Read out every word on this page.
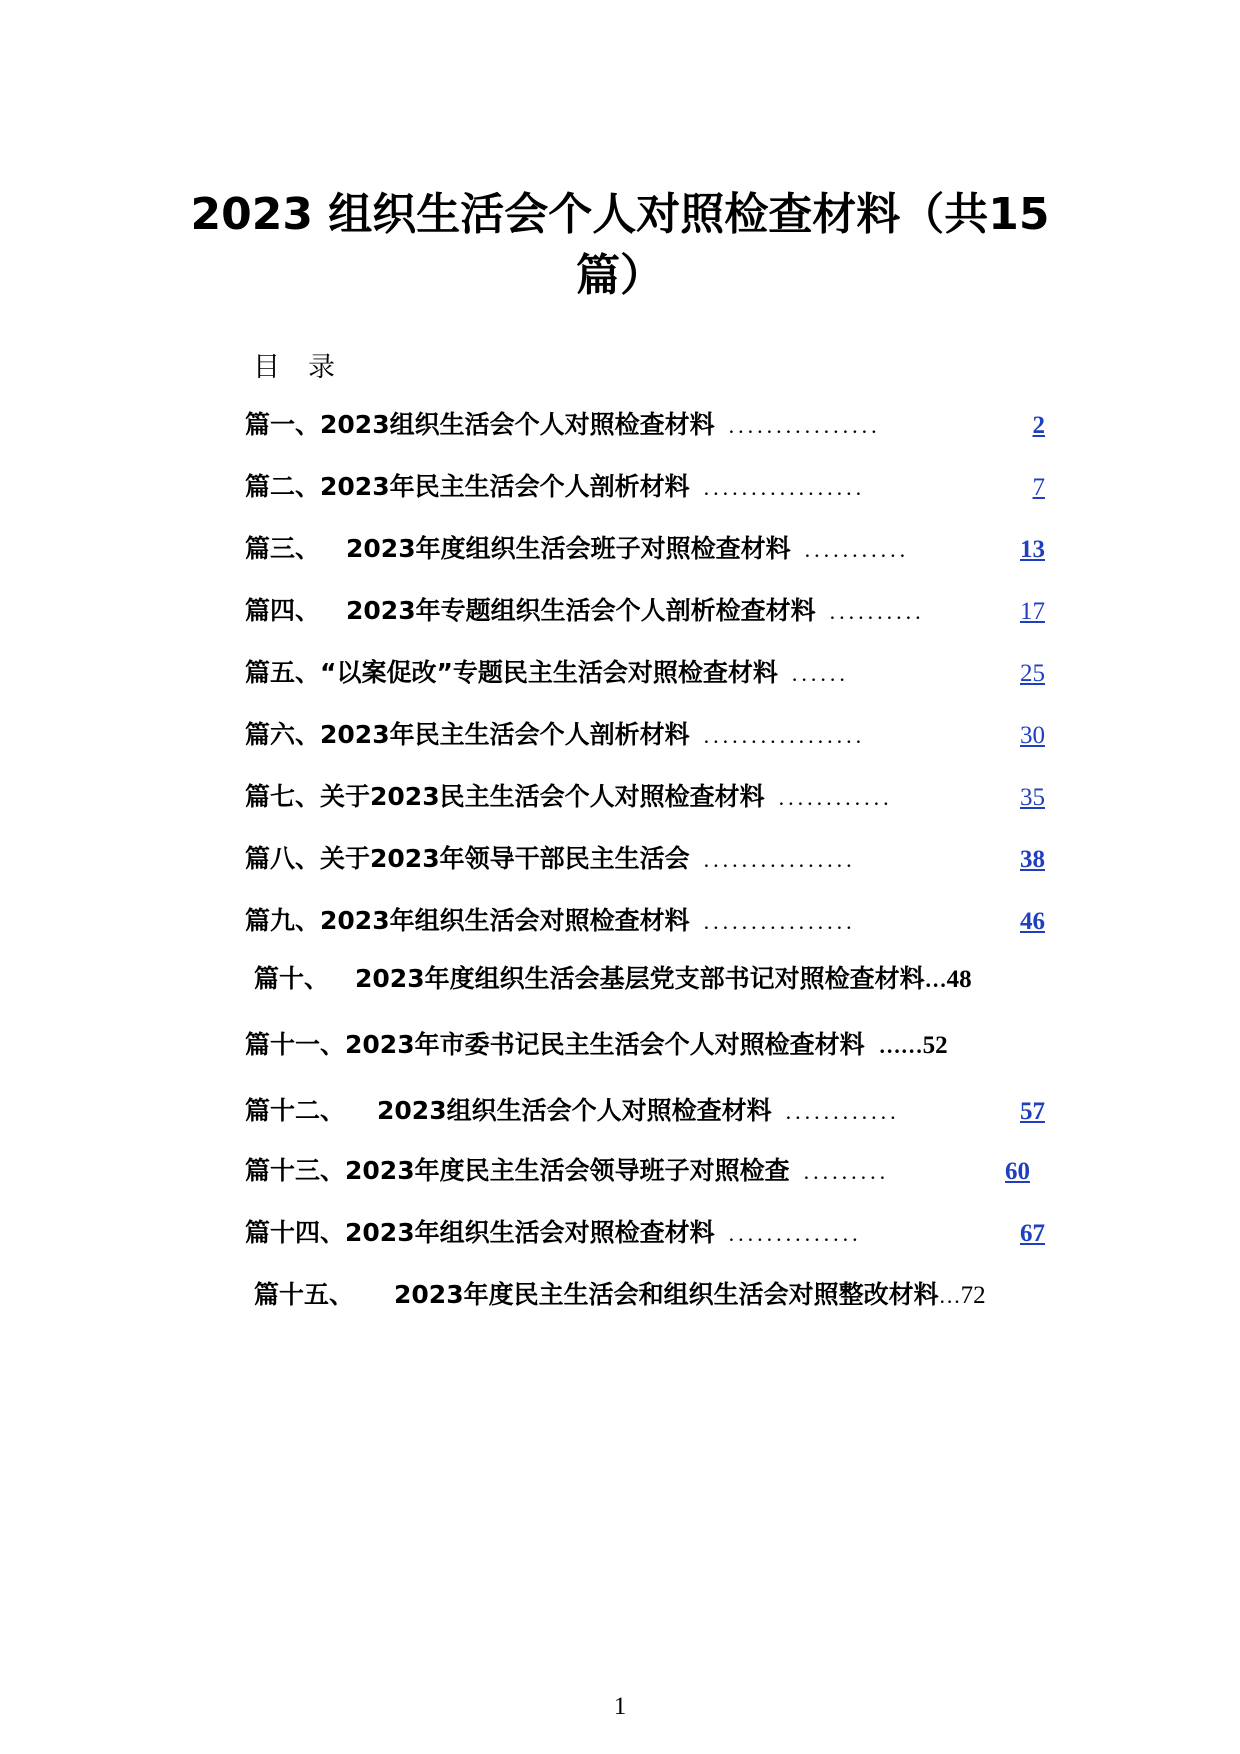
2023 组织生活会个人对照检查材料（共15
篇）

目 录

篇一、 2023组织生活会个人对照检查材料 ................	2
篇二、 2023年民主生活会个人剖析材料 .................	7
篇三、 2023年度组织生活会班子对照检查材料 ...........	13
篇四、 2023年专题组织生活会个人剖析检查材料 ..........	17
篇五、 “以案促改”专题民主生活会对照检查材料 ......	25
篇六、 2023年民主生活会个人剖析材料 .................	30
篇七、 关于2023民主生活会个人对照检查材料 ............	35
篇八、 关于2023年领导干部民主生活会 ................	38
篇九、 2023年组织生活会对照检查材料 ................	46
篇十、 2023年度组织生活会基层党支部书记对照检查材料 … 48
篇十一、 2023年市委书记民主生活会个人对照检查材料 …… 52
篇十二、 2023组织生活会个人对照检查材料 ............	57
篇十三、 2023年度民主生活会领导班子对照检查 .........	60
篇十四、 2023年组织生活会对照检查材料 ..............	67
篇十五、 2023年度民主生活会和组织生活会对照整改材料 … 72

1
